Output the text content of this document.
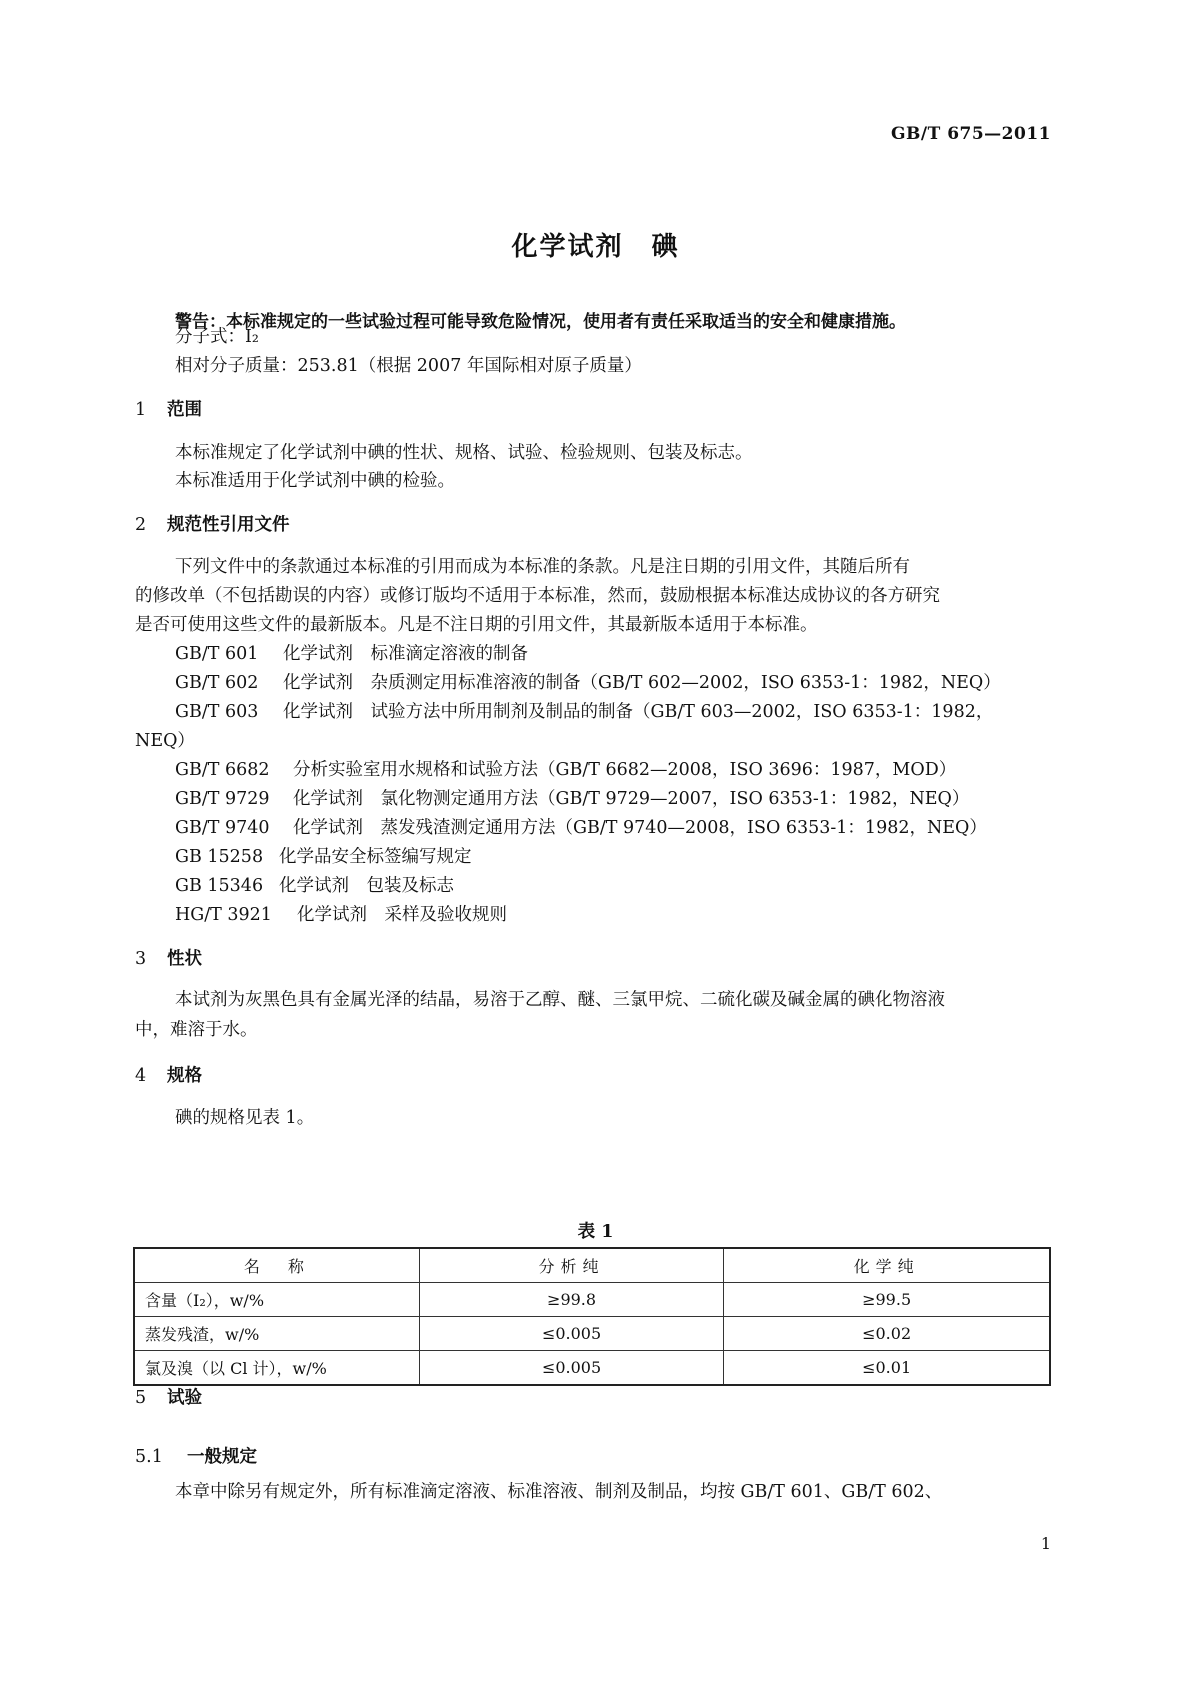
GB/T 675—2011
化学试剂　碘
警告：本标准规定的一些试验过程可能导致危险情况，使用者有责任采取适当的安全和健康措施。
分子式：I₂
相对分子质量：253.81（根据 2007 年国际相对原子质量）
1 范围
本标准规定了化学试剂中碘的性状、规格、试验、检验规则、包装及标志。
本标准适用于化学试剂中碘的检验。
2 规范性引用文件
下列文件中的条款通过本标准的引用而成为本标准的条款。凡是注日期的引用文件，其随后所有
的修改单（不包括勘误的内容）或修订版均不适用于本标准，然而，鼓励根据本标准达成协议的各方研究
是否可使用这些文件的最新版本。凡是不注日期的引用文件，其最新版本适用于本标准。
GB/T 601 化学试剂　标准滴定溶液的制备
GB/T 602 化学试剂　杂质测定用标准溶液的制备（GB/T 602—2002，ISO 6353-1：1982，NEQ）
GB/T 603 化学试剂　试验方法中所用制剂及制品的制备（GB/T 603—2002，ISO 6353-1：1982，
NEQ）
GB/T 6682 分析实验室用水规格和试验方法（GB/T 6682—2008，ISO 3696：1987，MOD）
GB/T 9729 化学试剂　氯化物测定通用方法（GB/T 9729—2007，ISO 6353-1：1982，NEQ）
GB/T 9740 化学试剂　蒸发残渣测定通用方法（GB/T 9740—2008，ISO 6353-1：1982，NEQ）
GB 15258 化学品安全标签编写规定
GB 15346 化学试剂　包装及标志
HG/T 3921 化学试剂　采样及验收规则
3 性状
本试剂为灰黑色具有金属光泽的结晶，易溶于乙醇、醚、三氯甲烷、二硫化碳及碱金属的碘化物溶液
中，难溶于水。
4 规格
碘的规格见表 1。
表 1
名　称	分析纯	化学纯
含量（I₂），w/%	≥99.8	≥99.5
蒸发残渣，w/%	≤0.005	≤0.02
氯及溴（以 Cl 计），w/%	≤0.005	≤0.01
5 试验
5.1 一般规定
本章中除另有规定外，所有标准滴定溶液、标准溶液、制剂及制品，均按 GB/T 601、GB/T 602、
1
